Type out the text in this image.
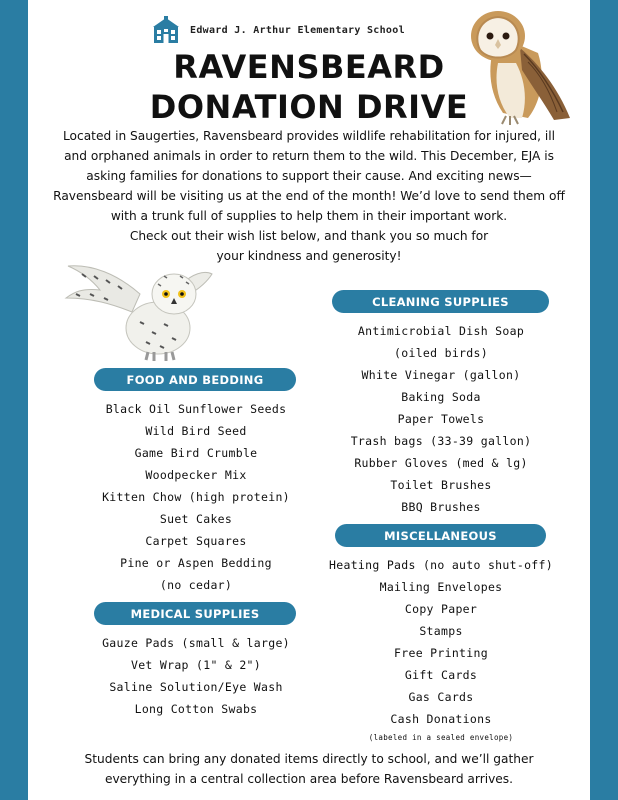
Edward J. Arthur Elementary School
RAVENSBEARD
DONATION DRIVE

Located in Saugerties, Ravensbeard provides wildlife rehabilitation for injured, ill and orphaned animals in order to return them to the wild. This December, EJA is asking families for donations to support their cause. And exciting news—Ravensbeard will be visiting us at the end of the month! We’d love to send them off with a trunk full of supplies to help them in their important work.

Check out their wish list below, and thank you so much for
your kindness and generosity!
FOOD AND BEDDING
Black Oil Sunflower Seeds
Wild Bird Seed
Game Bird Crumble
Woodpecker Mix
Kitten Chow (high protein)
Suet Cakes
Carpet Squares
Pine or Aspen Bedding
(no cedar)
MEDICAL SUPPLIES
Gauze Pads (small & large)
Vet Wrap (1" & 2")
Saline Solution/Eye Wash
Long Cotton Swabs
CLEANING SUPPLIES
Antimicrobial Dish Soap
(oiled birds)
White Vinegar (gallon)
Baking Soda
Paper Towels
Trash bags (33-39 gallon)
Rubber Gloves (med & lg)
Toilet Brushes
BBQ Brushes
MISCELLANEOUS
Heating Pads (no auto shut-off)
Mailing Envelopes
Copy Paper
Stamps
Free Printing
Gift Cards
Gas Cards
Cash Donations
(labeled in a sealed envelope)

Students can bring any donated items directly to school, and we’ll gather everything in a central collection area before Ravensbeard arrives.
